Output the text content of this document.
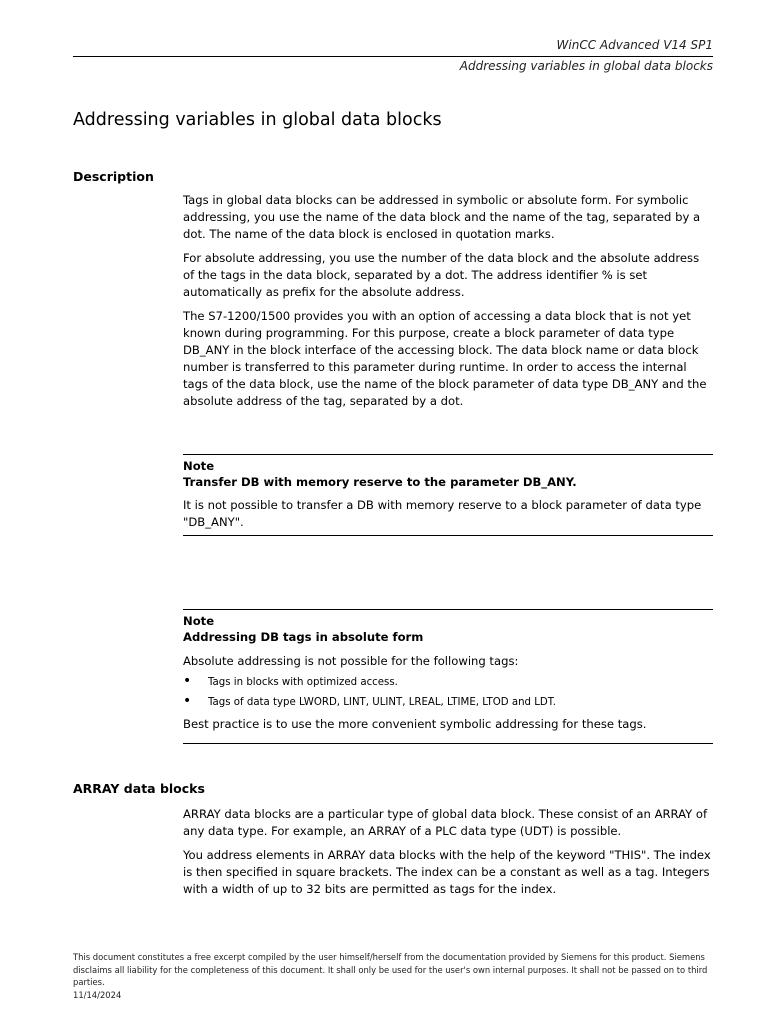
WinCC Advanced V14 SP1
Addressing variables in global data blocks
Addressing variables in global data blocks
Description

Tags in global data blocks can be addressed in symbolic or absolute form. For symbolic addressing, you use the name of the data block and the name of the tag, separated by a dot. The name of the data block is enclosed in quotation marks.

For absolute addressing, you use the number of the data block and the absolute address of the tags in the data block, separated by a dot. The address identifier % is set automatically as prefix for the absolute address.

The S7-1200/1500 provides you with an option of accessing a data block that is not yet known during programming. For this purpose, create a block parameter of data type DB_ANY in the block interface of the accessing block. The data block name or data block number is transferred to this parameter during runtime. In order to access the internal tags of the data block, use the name of the block parameter of data type DB_ANY and the absolute address of the tag, separated by a dot.

Note
Transfer DB with memory reserve to the parameter DB_ANY.

It is not possible to transfer a DB with memory reserve to a block parameter of data type "DB_ANY".

Note
Addressing DB tags in absolute form

Absolute addressing is not possible for the following tags:

•	Tags in blocks with optimized access.
•	Tags of data type LWORD, LINT, ULINT, LREAL, LTIME, LTOD and LDT.

Best practice is to use the more convenient symbolic addressing for these tags.

ARRAY data blocks

ARRAY data blocks are a particular type of global data block. These consist of an ARRAY of any data type. For example, an ARRAY of a PLC data type (UDT) is possible.

You address elements in ARRAY data blocks with the help of the keyword "THIS". The index is then specified in square brackets. The index can be a constant as well as a tag. Integers with a width of up to 32 bits are permitted as tags for the index.

This document constitutes a free excerpt compiled by the user himself/herself from the documentation provided by Siemens for this product. Siemens disclaims all liability for the completeness of this document. It shall only be used for the user's own internal purposes. It shall not be passed on to third parties.
11/14/2024
